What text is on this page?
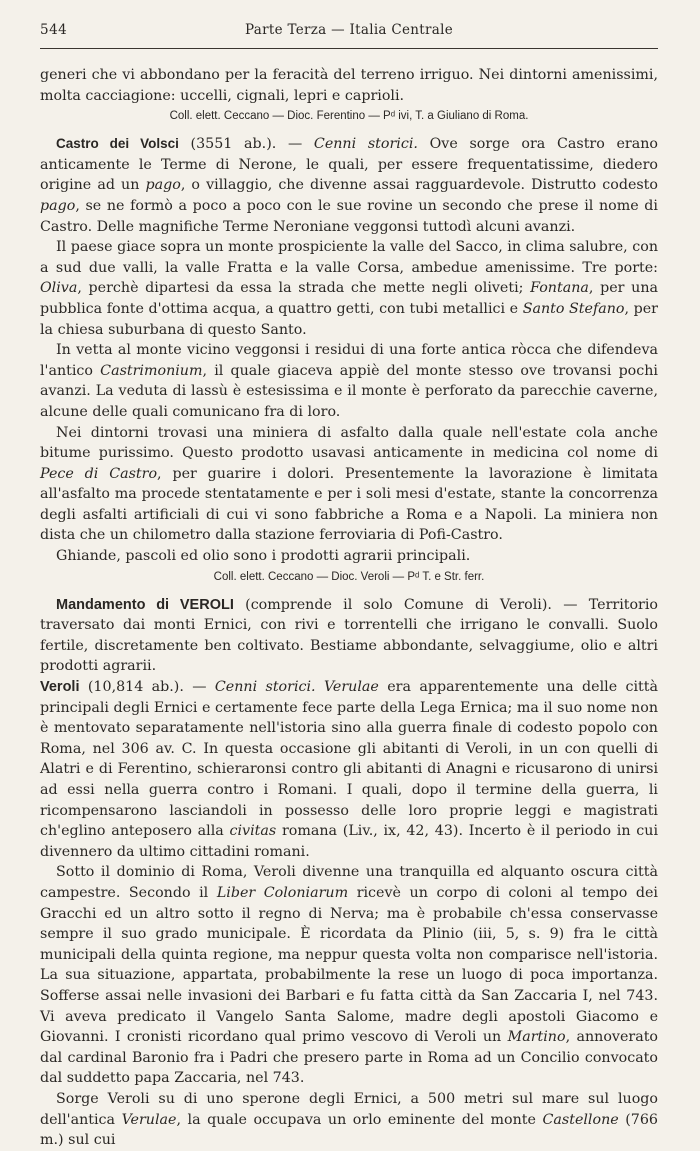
544	Parte Terza — Italia Centrale

generi che vi abbondano per la feracità del terreno irriguo. Nei dintorni amenissimi, molta cacciagione: uccelli, cignali, lepri e caprioli.

Coll. elett. Ceccano — Dioc. Ferentino — Pᵈ ivi, T. a Giuliano di Roma.

Castro dei Volsci (3551 ab.). — Cenni storici. Ove sorge ora Castro erano anticamente le Terme di Nerone, le quali, per essere frequentatissime, diedero origine ad un pago, o villaggio, che divenne assai ragguardevole. Distrutto codesto pago, se ne formò a poco a poco con le sue rovine un secondo che prese il nome di Castro. Delle magnifiche Terme Neroniane veggonsi tuttodì alcuni avanzi.

Il paese giace sopra un monte prospiciente la valle del Sacco, in clima salubre, con a sud due valli, la valle Fratta e la valle Corsa, ambedue amenissime. Tre porte: Oliva, perchè dipartesi da essa la strada che mette negli oliveti; Fontana, per una pubblica fonte d'ottima acqua, a quattro getti, con tubi metallici e Santo Stefano, per la chiesa suburbana di questo Santo.

In vetta al monte vicino veggonsi i residui di una forte antica ròcca che difendeva l'antico Castrimonium, il quale giaceva appiè del monte stesso ove trovansi pochi avanzi. La veduta di lassù è estesissima e il monte è perforato da parecchie caverne, alcune delle quali comunicano fra di loro.

Nei dintorni trovasi una miniera di asfalto dalla quale nell'estate cola anche bitume purissimo. Questo prodotto usavasi anticamente in medicina col nome di Pece di Castro, per guarire i dolori. Presentemente la lavorazione è limitata all'asfalto ma procede stentatamente e per i soli mesi d'estate, stante la concorrenza degli asfalti artificiali di cui vi sono fabbriche a Roma e a Napoli. La miniera non dista che un chilometro dalla stazione ferroviaria di Pofi-Castro.

Ghiande, pascoli ed olio sono i prodotti agrarii principali.

Coll. elett. Ceccano — Dioc. Veroli — Pᵈ T. e Str. ferr.

Mandamento di VEROLI (comprende il solo Comune di Veroli). — Territorio traversato dai monti Ernici, con rivi e torrentelli che irrigano le convalli. Suolo fertile, discretamente ben coltivato. Bestiame abbondante, selvaggiume, olio e altri prodotti agrarii.

Veroli (10,814 ab.). — Cenni storici. Verulae era apparentemente una delle città principali degli Ernici e certamente fece parte della Lega Ernica; ma il suo nome non è mentovato separatamente nell'istoria sino alla guerra finale di codesto popolo con Roma, nel 306 av. C. In questa occasione gli abitanti di Veroli, in un con quelli di Alatri e di Ferentino, schieraronsi contro gli abitanti di Anagni e ricusarono di unirsi ad essi nella guerra contro i Romani. I quali, dopo il termine della guerra, li ricompensarono lasciandoli in possesso delle loro proprie leggi e magistrati ch'eglino anteposero alla civitas romana (Liv., ix, 42, 43). Incerto è il periodo in cui divennero da ultimo cittadini romani.

Sotto il dominio di Roma, Veroli divenne una tranquilla ed alquanto oscura città campestre. Secondo il Liber Coloniarum ricevè un corpo di coloni al tempo dei Gracchi ed un altro sotto il regno di Nerva; ma è probabile ch'essa conservasse sempre il suo grado municipale. È ricordata da Plinio (iii, 5, s. 9) fra le città municipali della quinta regione, ma neppur questa volta non comparisce nell'istoria. La sua situazione, appartata, probabilmente la rese un luogo di poca importanza. Sofferse assai nelle invasioni dei Barbari e fu fatta città da San Zaccaria I, nel 743. Vi aveva predicato il Vangelo Santa Salome, madre degli apostoli Giacomo e Giovanni. I cronisti ricordano qual primo vescovo di Veroli un Martino, annoverato dal cardinal Baronio fra i Padri che presero parte in Roma ad un Concilio convocato dal suddetto papa Zaccaria, nel 743.

Sorge Veroli su di uno sperone degli Ernici, a 500 metri sul mare sul luogo dell'antica Verulae, la quale occupava un orlo eminente del monte Castellone (766 m.) sul cui
